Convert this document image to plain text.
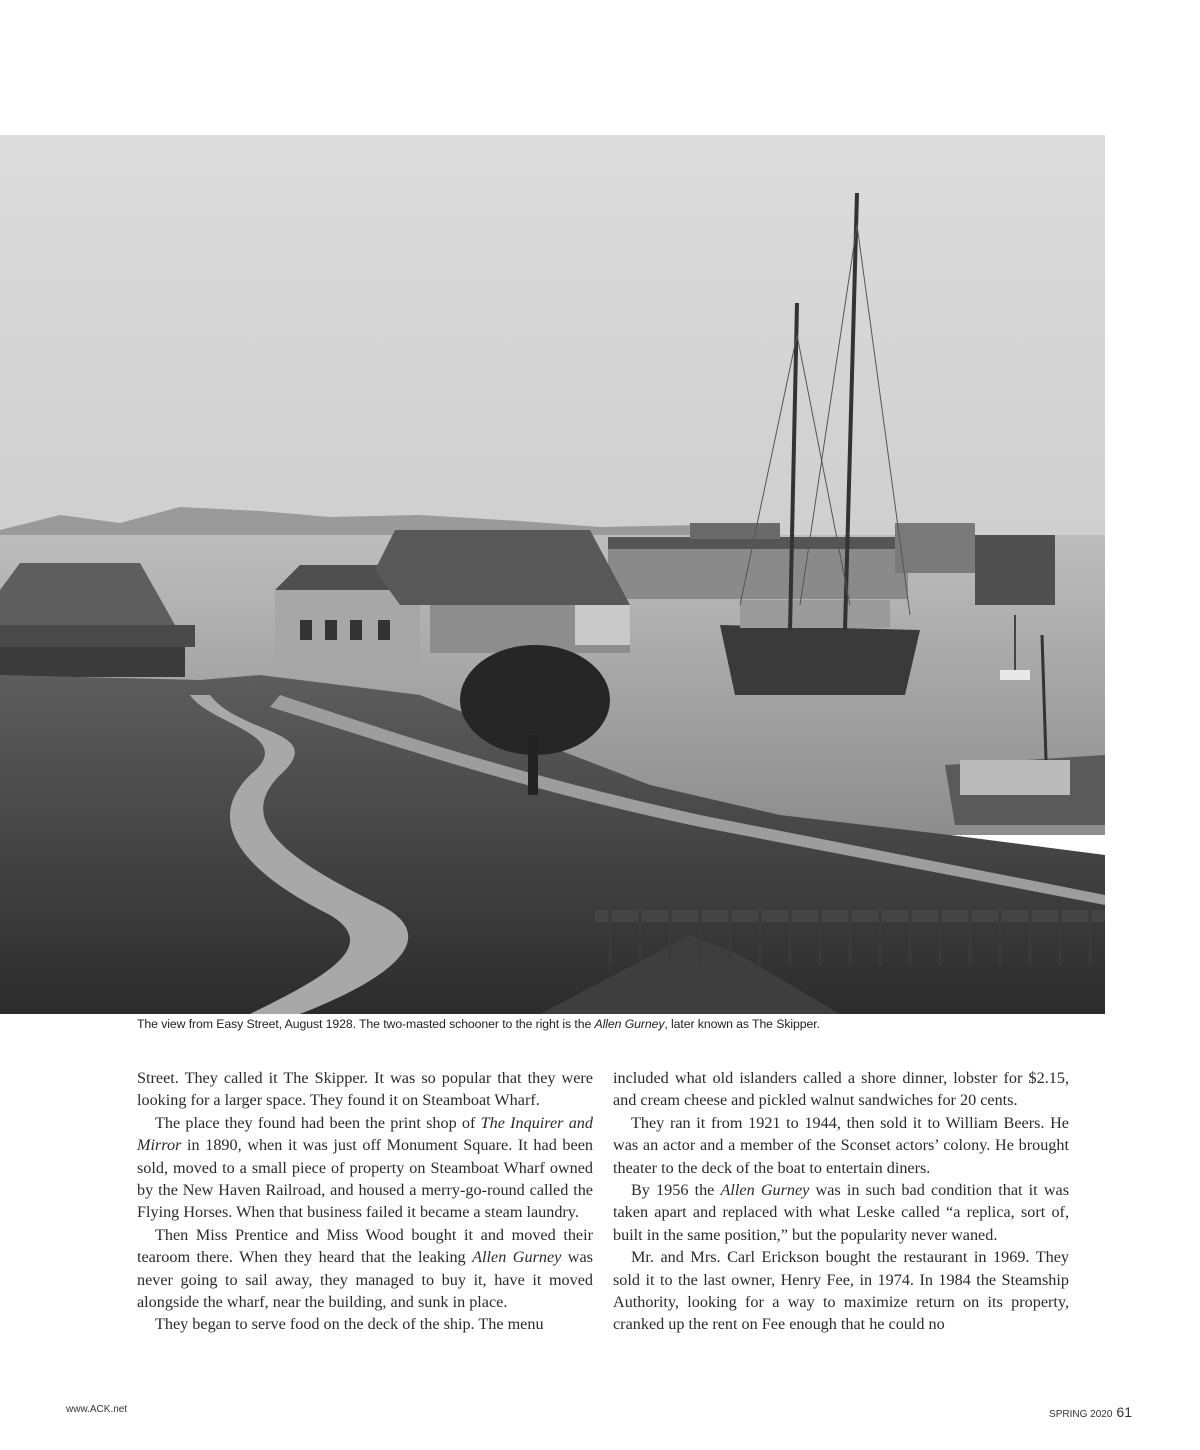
The view from Easy Street, August 1928. The two-masted schooner to the right is the Allen Gurney, later known as The Skipper.

Street. They called it The Skipper. It was so popular that they were looking for a larger space. They found it on Steamboat Wharf.

The place they found had been the print shop of The Inquirer and Mirror in 1890, when it was just off Monument Square. It had been sold, moved to a small piece of property on Steamboat Wharf owned by the New Haven Railroad, and housed a merry-go-round called the Flying Horses. When that business failed it became a steam laundry.

Then Miss Prentice and Miss Wood bought it and moved their tearoom there. When they heard that the leaking Allen Gurney was never going to sail away, they managed to buy it, have it moved alongside the wharf, near the building, and sunk in place.

They began to serve food on the deck of the ship. The menu

included what old islanders called a shore dinner, lobster for $2.15, and cream cheese and pickled walnut sandwiches for 20 cents.

They ran it from 1921 to 1944, then sold it to William Beers. He was an actor and a member of the Sconset actors’ colony. He brought theater to the deck of the boat to entertain diners.

By 1956 the Allen Gurney was in such bad condition that it was taken apart and replaced with what Leske called “a replica, sort of, built in the same position,” but the popularity never waned.

Mr. and Mrs. Carl Erickson bought the restaurant in 1969. They sold it to the last owner, Henry Fee, in 1974. In 1984 the Steamship Authority, looking for a way to maximize return on its property, cranked up the rent on Fee enough that he could no

www.ACK.net	SPRING 2020 61
